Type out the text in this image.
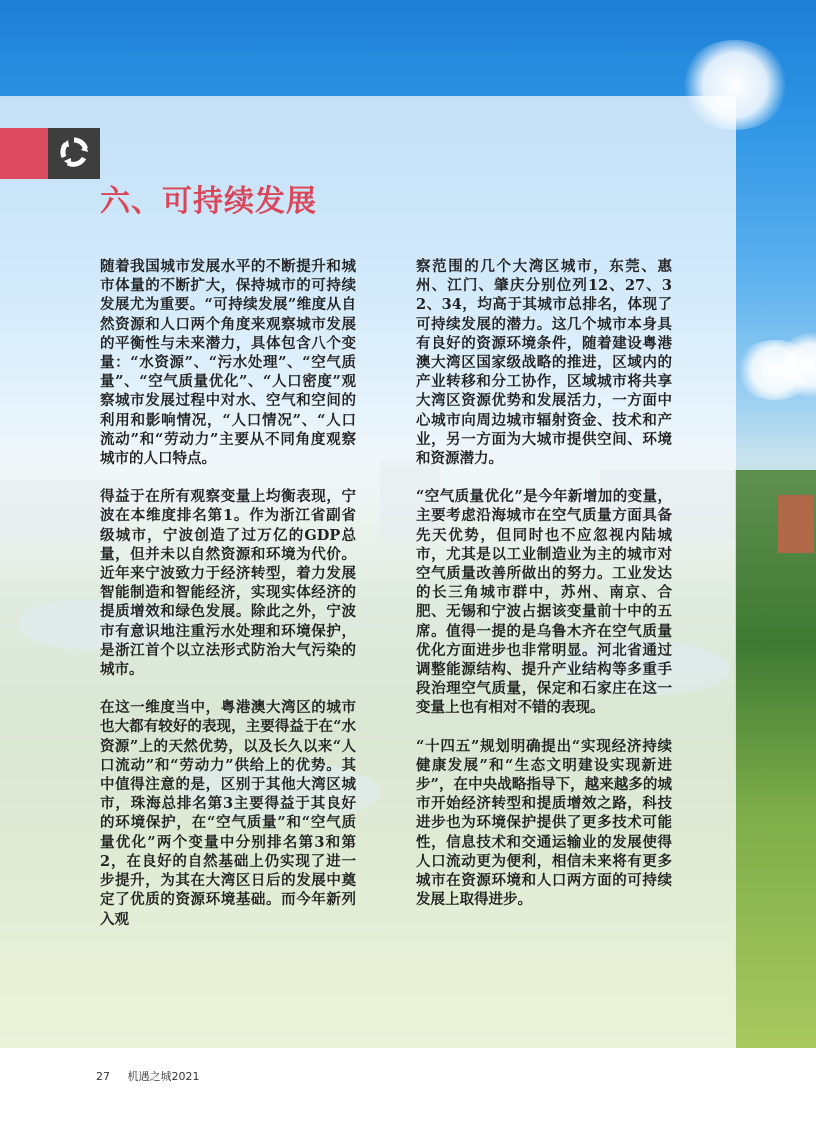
六、可持续发展

随着我国城市发展水平的不断提升和城市体量的不断扩大，保持城市的可持续发展尤为重要。“可持续发展”维度从自然资源和人口两个角度来观察城市发展的平衡性与未来潜力，具体包含八个变量：“水资源”、“污水处理”、“空气质量”、“空气质量优化”、“人口密度”观察城市发展过程中对水、空气和空间的利用和影响情况，“人口情况”、“人口流动”和“劳动力”主要从不同角度观察城市的人口特点。

得益于在所有观察变量上均衡表现，宁波在本维度排名第1。作为浙江省副省级城市，宁波创造了过万亿的GDP总量，但并未以自然资源和环境为代价。近年来宁波致力于经济转型，着力发展智能制造和智能经济，实现实体经济的提质增效和绿色发展。除此之外，宁波市有意识地注重污水处理和环境保护，是浙江首个以立法形式防治大气污染的城市。

在这一维度当中，粤港澳大湾区的城市也大都有较好的表现，主要得益于在“水资源”上的天然优势，以及长久以来“人口流动”和“劳动力”供给上的优势。其中值得注意的是，区别于其他大湾区城市，珠海总排名第3主要得益于其良好的环境保护，在“空气质量”和“空气质量优化”两个变量中分别排名第3和第2，在良好的自然基础上仍实现了进一步提升，为其在大湾区日后的发展中奠定了优质的资源环境基础。而今年新列入观

察范围的几个大湾区城市，东莞、惠州、江门、肇庆分别位列12、27、32、34，均高于其城市总排名，体现了可持续发展的潜力。这几个城市本身具有良好的资源环境条件，随着建设粤港澳大湾区国家级战略的推进，区域内的产业转移和分工协作，区域城市将共享大湾区资源优势和发展活力，一方面中心城市向周边城市辐射资金、技术和产业，另一方面为大城市提供空间、环境和资源潜力。

“空气质量优化”是今年新增加的变量，主要考虑沿海城市在空气质量方面具备先天优势，但同时也不应忽视内陆城市，尤其是以工业制造业为主的城市对空气质量改善所做出的努力。工业发达的长三角城市群中，苏州、南京、合肥、无锡和宁波占据该变量前十中的五席。值得一提的是乌鲁木齐在空气质量优化方面进步也非常明显。河北省通过调整能源结构、提升产业结构等多重手段治理空气质量，保定和石家庄在这一变量上也有相对不错的表现。

“十四五”规划明确提出“实现经济持续健康发展”和“生态文明建设实现新进步”，在中央战略指导下，越来越多的城市开始经济转型和提质增效之路，科技进步也为环境保护提供了更多技术可能性，信息技术和交通运输业的发展使得人口流动更为便利，相信未来将有更多城市在资源环境和人口两方面的可持续发展上取得进步。

27 机遇之城2021
